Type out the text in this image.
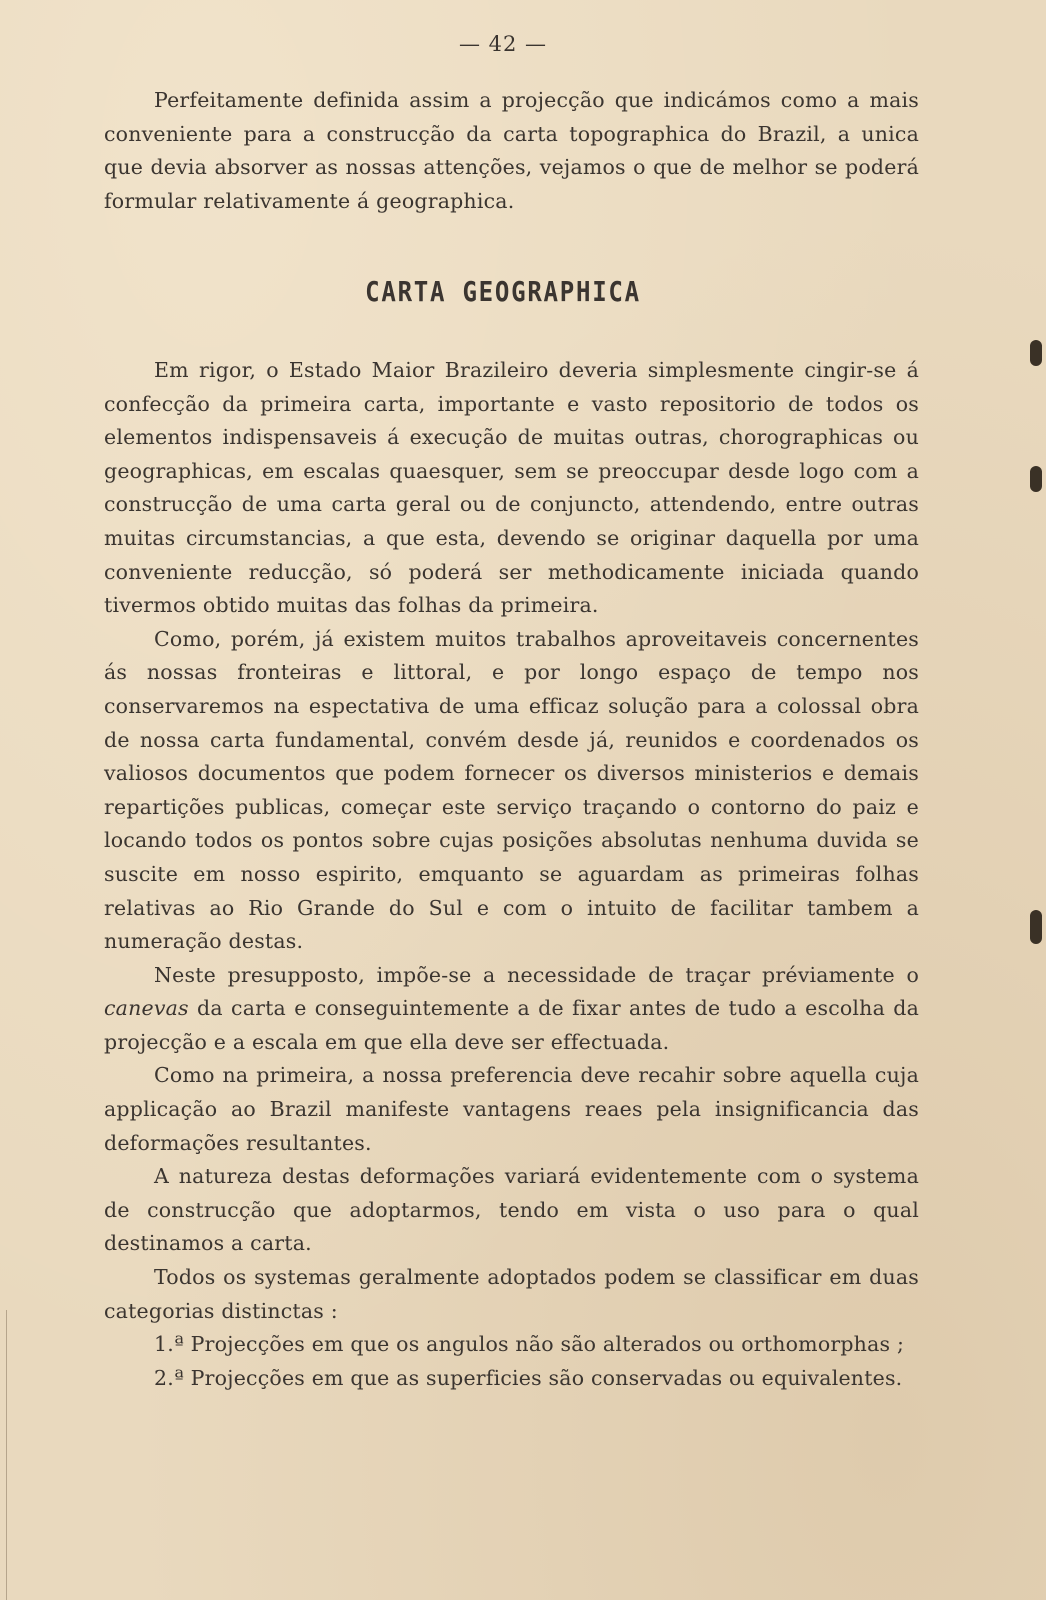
— 42 —

Perfeitamente definida assim a projecção que indicámos como a mais conveniente para a construcção da carta topographica do Brazil, a unica que devia absorver as nossas attenções, vejamos o que de melhor se poderá formular relativamente á geographica.

CARTA GEOGRAPHICA

Em rigor, o Estado Maior Brazileiro deveria simplesmente cingir-se á confecção da primeira carta, importante e vasto repositorio de todos os elementos indispensaveis á execução de muitas outras, chorographicas ou geographicas, em escalas quaesquer, sem se preoccupar desde logo com a construcção de uma carta geral ou de conjuncto, attendendo, entre outras muitas circumstancias, a que esta, devendo se originar daquella por uma conveniente reducção, só poderá ser methodicamente iniciada quando tivermos obtido muitas das folhas da primeira.

Como, porém, já existem muitos trabalhos aproveitaveis concernentes ás nossas fronteiras e littoral, e por longo espaço de tempo nos conservaremos na espectativa de uma efficaz solução para a colossal obra de nossa carta fundamental, convém desde já, reunidos e coordenados os valiosos documentos que podem fornecer os diversos ministerios e demais repartições publicas, começar este serviço traçando o contorno do paiz e locando todos os pontos sobre cujas posições absolutas nenhuma duvida se suscite em nosso espirito, emquanto se aguardam as primeiras folhas relativas ao Rio Grande do Sul e com o intuito de facilitar tambem a numeração destas.

Neste presupposto, impõe-se a necessidade de traçar préviamente o canevas da carta e conseguintemente a de fixar antes de tudo a escolha da projecção e a escala em que ella deve ser effectuada.

Como na primeira, a nossa preferencia deve recahir sobre aquella cuja applicação ao Brazil manifeste vantagens reaes pela insignificancia das deformações resultantes.

A natureza destas deformações variará evidentemente com o systema de construcção que adoptarmos, tendo em vista o uso para o qual destinamos a carta.

Todos os systemas geralmente adoptados podem se classificar em duas categorias distinctas :

1.ª Projecções em que os angulos não são alterados ou orthomorphas ;

2.ª Projecções em que as superficies são conservadas ou equivalentes.
